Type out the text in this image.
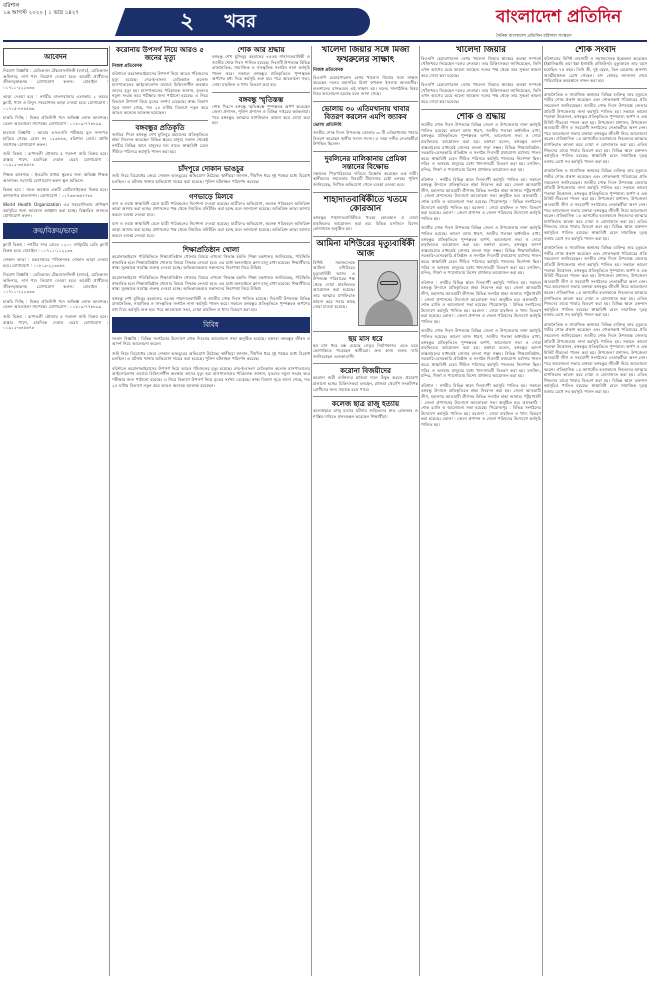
বরিশাল
১৬ আগস্ট ২০২০ | ১ ভাদ্র ১৪২৭	২ খবর	বাংলাদেশ প্রতিদিন
দৈনিক বাংলাদেশ প্রতিদিন বরিশাল সংস্করণ
আবেদন
নিয়োগ বিজ্ঞপ্তি : মেডিক্যাল টেকনোলজিস্ট (ল্যাব), মেডিক্যাল অফিসার, নার্স পদে নিয়োগ দেওয়া হবে। আগ্রহী প্রার্থীদের জীবনবৃত্তান্তসহ যোগাযোগ করুন। মোবাইল : ০১৭১১-২২২৩৩৩
ভাড়া দেওয়া হবে : নগরীর বাংলাবাজার এলাকায় ২ রুমের ফ্ল্যাট, গ্যাস ও বিদ্যুৎ সংযোগসহ ভাড়া দেওয়া হবে। যোগাযোগ : ০১৭১৫-৪৪৫৫৬৬
চাকরি দিচ্ছি : বিক্রয় প্রতিনিধি পদে অভিজ্ঞ লোক আবশ্যক। বেতন আলোচনা সাপেক্ষে। যোগাযোগ : ০১৮১৯-৭৭৮৮৯৯
হারানো বিজ্ঞপ্তি : আমার এসএসসি পরীক্ষার মূল সনদপত্র হারিয়ে গেছে। রোল নং ১২৩৪৫৬, বরিশাল বোর্ড। প্রাপ্তি সাপেক্ষে যোগাযোগ করুন।
জমি বিক্রয় : রূপাতলী মৌজায় ৫ শতাংশ জমি বিক্রয় হবে। রাস্তার পাশে, চারদিকে দেয়াল ঘেরা। যোগাযোগ : ০১৯১২-৩৪৫৬৭৮
শিক্ষক আবশ্যক : ইংরেজি মাধ্যম স্কুলের জন্য অভিজ্ঞ শিক্ষক আবশ্যক। সরাসরি যোগাযোগ করুন স্কুল অফিসে।
বিক্রয় হবে : সচল অবস্থায় একটি মোটরসাইকেল বিক্রয় হবে। কাগজপত্র হালনাগাদ। যোগাযোগ : ০১৭৩৩-৬৬৭৭৮৮
World Health Organization এর সহযোগিতায় প্রশিক্ষণ কর্মসূচির জন্য আবেদন আহ্বান করা হচ্ছে। বিস্তারিত জানতে যোগাযোগ করুন।
ক্রয়/বিক্রয়/ভাড়া
ফ্ল্যাট বিক্রয় : নগরীর সদর রোডে ১২০০ বর্গফুটের রেডি ফ্ল্যাট বিক্রয় হবে। মোবাইল : ০১৭১১-১১২২৩৩
দোকান ভাড়া : চকবাজারে পজিশনসহ দোকান ভাড়া দেওয়া হবে। যোগাযোগ : ০১৮১৯-২২৩৩৪৪
নিয়োগ বিজ্ঞপ্তি : মেডিক্যাল টেকনোলজিস্ট (ল্যাব), মেডিক্যাল অফিসার, নার্স পদে নিয়োগ দেওয়া হবে। আগ্রহী প্রার্থীদের জীবনবৃত্তান্তসহ যোগাযোগ করুন। মোবাইল : ০১৭১১-২২২৩৩৩
চাকরি দিচ্ছি : বিক্রয় প্রতিনিধি পদে অভিজ্ঞ লোক আবশ্যক। বেতন আলোচনা সাপেক্ষে। যোগাযোগ : ০১৮১৯-৭৭৮৮৯৯
জমি বিক্রয় : রূপাতলী মৌজায় ৫ শতাংশ জমি বিক্রয় হবে। রাস্তার পাশে, চারদিকে দেয়াল ঘেরা। যোগাযোগ : ০১৯১২-৩৪৫৬৭৮
করোনায় উপসর্গ নিয়ে আরও ৫ জনের মৃত্যু
নিজস্ব প্রতিবেদক
বরিশালে করোনাভাইরাসের উপসর্গ নিয়ে আরও পাঁচজনের মৃত্যু হয়েছে। শের-ই-বাংলা মেডিক্যাল কলেজ হাসপাতালের আইসোলেশন ওয়ার্ডে চিকিৎসাধীন অবস্থায় তাদের মৃত্যু হয়। হাসপাতালের পরিচালক জানান, মৃতদের নমুনা সংগ্রহ করে পরীক্ষার জন্য পাঠানো হয়েছে। এ নিয়ে বিভাগে উপসর্গ নিয়ে মৃতের সংখ্যা বেড়েছে। স্বাস্থ্য বিভাগ সূত্রে জানা গেছে, গত ২৪ ঘণ্টায় বিভাগে নতুন করে আরও অনেকে আক্রান্ত হয়েছেন।
বঙ্গবন্ধুর প্রতিকৃতি
জাতির পিতা বঙ্গবন্ধু শেখ মুজিবুর রহমানের প্রতিকৃতিতে শ্রদ্ধা নিবেদন করেছেন বিভিন্ন স্তরের মানুষ। সকাল থেকেই নগরীর বিভিন্ন স্থানে মানুষের ঢল নামে। স্বাস্থ্যবিধি মেনে সীমিত পরিসরে কর্মসূচি পালন করা হয়।
শোক আর শ্রদ্ধায়
বঙ্গবন্ধু শেখ মুজিবুর রহমানের ৪৫তম শাহাদাতবার্ষিকী ও জাতীয় শোক দিবস পালিত হয়েছে। দিবসটি উপলক্ষে বিভিন্ন রাজনৈতিক, সামাজিক ও সাংস্কৃতিক সংগঠন নানা কর্মসূচি পালন করে। সকালে বঙ্গবন্ধুর প্রতিকৃতিতে পুষ্পস্তবক অর্পণের মধ্য দিয়ে কর্মসূচি শুরু হয়। পরে আলোচনা সভা, দোয়া মাহফিল ও খাদ্য বিতরণ করা হয়।
বঙ্গবন্ধু স্মৃতিস্তম্ভ
শোক দিবসে বঙ্গবন্ধু স্মৃতিস্তম্ভে পুষ্পস্তবক অর্পণ করেছেন জেলা প্রশাসন, পুলিশ প্রশাসন ও বিভিন্ন দপ্তরের কর্মকর্তারা। পরে বঙ্গবন্ধুর আত্মার মাগফিরাত কামনা করে দোয়া করা হয়।
চাঁদপুরে দোকান ভাঙচুর
জমি নিয়ে বিরোধের জেরে দোকান ভাঙচুরের অভিযোগ উঠেছে। স্থানীয়রা জানান, দীর্ঘদিন ধরে দুই পক্ষের মধ্যে বিরোধ চলছিল। এ ঘটনায় থানায় অভিযোগ দায়ের করা হয়েছে। পুলিশ ঘটনাস্থল পরিদর্শন করেছে।
গণভাড়ে মিলবে
বাস ও লঞ্চে স্বাস্থ্যবিধি মেনে যাত্রী পরিবহনের নির্দেশনা দেওয়া হয়েছে। যাত্রীদের অভিযোগ, অনেক পরিবহনে অতিরিক্ত ভাড়া আদায় করা হচ্ছে। প্রশাসনের পক্ষ থেকে নিয়মিত মনিটরিং করা হচ্ছে বলে জানানো হয়েছে। অতিরিক্ত ভাড়া আদায় করলে ব্যবস্থা নেওয়া হবে।
বাস ও লঞ্চে স্বাস্থ্যবিধি মেনে যাত্রী পরিবহনের নির্দেশনা দেওয়া হয়েছে। যাত্রীদের অভিযোগ, অনেক পরিবহনে অতিরিক্ত ভাড়া আদায় করা হচ্ছে। প্রশাসনের পক্ষ থেকে নিয়মিত মনিটরিং করা হচ্ছে বলে জানানো হয়েছে। অতিরিক্ত ভাড়া আদায় করলে ব্যবস্থা নেওয়া হবে।
শিক্ষাপ্রতিষ্ঠান খোলা
করোনাভাইরাস পরিস্থিতিতে শিক্ষাপ্রতিষ্ঠান খোলার বিষয়ে এখনো সিদ্ধান্ত হয়নি। শিক্ষা মন্ত্রণালয় জানিয়েছে, পরিস্থিতি স্বাভাবিক হলে শিক্ষাপ্রতিষ্ঠান খোলার বিষয়ে সিদ্ধান্ত নেওয়া হবে। এর মধ্যে অনলাইনে ক্লাস চালু রাখা হয়েছে। শিক্ষার্থীদের স্বাস্থ্য সুরক্ষাকে সর্বোচ্চ গুরুত্ব দেওয়া হচ্ছে। অভিভাবকরাও সন্তানদের নিরাপত্তা নিয়ে উদ্বিগ্ন।
করোনাভাইরাস পরিস্থিতিতে শিক্ষাপ্রতিষ্ঠান খোলার বিষয়ে এখনো সিদ্ধান্ত হয়নি। শিক্ষা মন্ত্রণালয় জানিয়েছে, পরিস্থিতি স্বাভাবিক হলে শিক্ষাপ্রতিষ্ঠান খোলার বিষয়ে সিদ্ধান্ত নেওয়া হবে। এর মধ্যে অনলাইনে ক্লাস চালু রাখা হয়েছে। শিক্ষার্থীদের স্বাস্থ্য সুরক্ষাকে সর্বোচ্চ গুরুত্ব দেওয়া হচ্ছে। অভিভাবকরাও সন্তানদের নিরাপত্তা নিয়ে উদ্বিগ্ন।
বঙ্গবন্ধু শেখ মুজিবুর রহমানের ৪৫তম শাহাদাতবার্ষিকী ও জাতীয় শোক দিবস পালিত হয়েছে। দিবসটি উপলক্ষে বিভিন্ন রাজনৈতিক, সামাজিক ও সাংস্কৃতিক সংগঠন নানা কর্মসূচি পালন করে। সকালে বঙ্গবন্ধুর প্রতিকৃতিতে পুষ্পস্তবক অর্পণের মধ্য দিয়ে কর্মসূচি শুরু হয়। পরে আলোচনা সভা, দোয়া মাহফিল ও খাদ্য বিতরণ করা হয়।
বিবিধ
সংবাদ বিজ্ঞপ্তি : বিভিন্ন সংগঠনের উদ্যোগে শোক দিবসের আলোচনা সভা অনুষ্ঠিত হয়েছে। বক্তারা বঙ্গবন্ধুর জীবন ও আদর্শ নিয়ে আলোচনা করেন।
জমি নিয়ে বিরোধের জেরে দোকান ভাঙচুরের অভিযোগ উঠেছে। স্থানীয়রা জানান, দীর্ঘদিন ধরে দুই পক্ষের মধ্যে বিরোধ চলছিল। এ ঘটনায় থানায় অভিযোগ দায়ের করা হয়েছে। পুলিশ ঘটনাস্থল পরিদর্শন করেছে।
বরিশালে করোনাভাইরাসের উপসর্গ নিয়ে আরও পাঁচজনের মৃত্যু হয়েছে। শের-ই-বাংলা মেডিক্যাল কলেজ হাসপাতালের আইসোলেশন ওয়ার্ডে চিকিৎসাধীন অবস্থায় তাদের মৃত্যু হয়। হাসপাতালের পরিচালক জানান, মৃতদের নমুনা সংগ্রহ করে পরীক্ষার জন্য পাঠানো হয়েছে। এ নিয়ে বিভাগে উপসর্গ নিয়ে মৃতের সংখ্যা বেড়েছে। স্বাস্থ্য বিভাগ সূত্রে জানা গেছে, গত ২৪ ঘণ্টায় বিভাগে নতুন করে আরও অনেকে আক্রান্ত হয়েছেন।
খালেদা জিয়ার সঙ্গে মির্জা ফখরুলের সাক্ষাৎ
নিজস্ব প্রতিবেদক
বিএনপি চেয়ারপারসন বেগম খালেদা জিয়ার সঙ্গে সাক্ষাৎ করেছেন দলের মহাসচিব মির্জা ফখরুল ইসলাম আলমগীর। গুলশানের বাসভবনে এই সাক্ষাৎ হয়। দলের সাংগঠনিক বিষয় নিয়ে আলোচনা হয়েছে বলে জানা গেছে।
ভোলায় ৩০ এতিমখানায় খাবার বিতরণ করলেন এমপি জ্যাকব
ভোলা প্রতিনিধি
জাতীয় শোক দিবস উপলক্ষে ভোলার ৩০টি এতিমখানায় খাবার বিতরণ করেছেন স্থানীয় সংসদ সদস্য। এ সময় দলীয় নেতাকর্মীরা উপস্থিত ছিলেন।
দুবলিনের মালিকানায় প্রেমিকা সন্তানের বিক্ষোভ
সন্তানের পিতৃপরিচয়ের দাবিতে বিক্ষোভ করেছেন এক নারী। স্থানীয়দের সহায়তায় বিষয়টি মীমাংসার চেষ্টা চলছে। পুলিশ জানিয়েছে, লিখিত অভিযোগ পেলে ব্যবস্থা নেওয়া হবে।
শাহাদাতবার্ষিকীতে খতমে কোরআন
বঙ্গবন্ধুর শাহাদাতবার্ষিকীতে খতমে কোরআন ও দোয়া মাহফিলের আয়োজন করা হয়। বিভিন্ন মসজিদে বিশেষ মোনাজাত অনুষ্ঠিত হয়।
আমিনা মশিউরের মৃত্যুবার্ষিকী আজ
বিশিষ্ট সমাজসেবক আমিনা মশিউরের মৃত্যুবার্ষিকী আজ। এ উপলক্ষে পরিবারের পক্ষ থেকে দোয়া মাহফিলের আয়োজন করা হয়েছে। তার আত্মার মাগফিরাত কামনা করে সবার কাছে দোয়া চাওয়া হয়েছে।
ছয় মাস ধরে
ছয় মাস ধরে বন্ধ রয়েছে সেতুর নির্মাণকাজ। এতে চরম ভোগান্তিতে পড়েছেন স্থানীয়রা। দ্রুত কাজ শুরুর দাবি জানিয়েছেন এলাকাবাসী।
করোনা বিজয়ীদের
করোনা জয়ী ব্যক্তিদের প্লাজমা দানে উদ্বুদ্ধ করতে প্রচারণা চালানো হচ্ছে। চিকিৎসকরা বলছেন, প্লাজমা থেরাপি সংকটাপন্ন রোগীদের জন্য সহায়ক হতে পারে।
কলেজ ছাত্র রাজু হত্যায়
কলেজছাত্র রাজু হত্যার ঘটনায় জড়িতদের দ্রুত গ্রেফতার ও শাস্তির দাবিতে মানববন্ধন করেছেন শিক্ষার্থীরা।
খালেদা জিয়ার
বিএনপি চেয়ারপারসন বেগম খালেদা জিয়ার স্বাস্থ্যের অবস্থা সম্পর্কে খোঁজখবর নিয়েছেন দলের নেতারা। তার চিকিৎসকরা জানিয়েছেন, তিনি এখন আগের চেয়ে ভালো আছেন। দলের পক্ষ থেকে তার সুস্থতা কামনা করে দোয়া করা হয়েছে।
বিএনপি চেয়ারপারসন বেগম খালেদা জিয়ার স্বাস্থ্যের অবস্থা সম্পর্কে খোঁজখবর নিয়েছেন দলের নেতারা। তার চিকিৎসকরা জানিয়েছেন, তিনি এখন আগের চেয়ে ভালো আছেন। দলের পক্ষ থেকে তার সুস্থতা কামনা করে দোয়া করা হয়েছে।
শোক ও শ্রদ্ধায়
জাতীয় শোক দিবস উপলক্ষে বিভিন্ন জেলা ও উপজেলায় নানা কর্মসূচি পালিত হয়েছে। কালো ব্যাজ ধারণ, জাতীয় পতাকা অর্ধনমিত রাখা, বঙ্গবন্ধুর প্রতিকৃতিতে পুষ্পস্তবক অর্পণ, আলোচনা সভা ও দোয়া মাহফিলের আয়োজন করা হয়। বক্তারা বলেন, বঙ্গবন্ধুর আদর্শ বাস্তবায়নের মাধ্যমেই সোনার বাংলা গড়া সম্ভব। বিভিন্ন শিক্ষাপ্রতিষ্ঠান, সরকারি-বেসরকারি প্রতিষ্ঠান ও সংগঠন দিবসটি যথাযোগ্য মর্যাদায় পালন করে। স্বাস্থ্যবিধি মেনে সীমিত পরিসরে কর্মসূচি পালনের নির্দেশনা ছিল। গরিব ও অসহায় মানুষের মধ্যে খাদ্যসামগ্রী বিতরণ করা হয়। মসজিদ, মন্দির, গির্জা ও প্যাগোডায় বিশেষ প্রার্থনার আয়োজন করা হয়।
বরিশাল : নগরীর বিভিন্ন স্থানে দিনব্যাপী কর্মসূচি পালিত হয়। সকালে বঙ্গবন্ধু উদ্যানে প্রতিকৃতিতে শ্রদ্ধা নিবেদন করা হয়। জেলা আওয়ামী লীগ, মহানগর আওয়ামী লীগসহ বিভিন্ন সংগঠন শ্রদ্ধা জানায়। পটুয়াখালী : জেলা প্রশাসনের উদ্যোগে আলোচনা সভা অনুষ্ঠিত হয়। ঝালকাঠি : শোক র‌্যালি ও আলোচনা সভা হয়েছে। পিরোজপুর : বিভিন্ন সংগঠনের উদ্যোগে কর্মসূচি পালিত হয়। বরগুনা : দোয়া মাহফিল ও খাদ্য বিতরণ করা হয়েছে। ভোলা : জেলা প্রশাসন ও জেলা পরিষদের উদ্যোগে কর্মসূচি পালিত হয়।
জাতীয় শোক দিবস উপলক্ষে বিভিন্ন জেলা ও উপজেলায় নানা কর্মসূচি পালিত হয়েছে। কালো ব্যাজ ধারণ, জাতীয় পতাকা অর্ধনমিত রাখা, বঙ্গবন্ধুর প্রতিকৃতিতে পুষ্পস্তবক অর্পণ, আলোচনা সভা ও দোয়া মাহফিলের আয়োজন করা হয়। বক্তারা বলেন, বঙ্গবন্ধুর আদর্শ বাস্তবায়নের মাধ্যমেই সোনার বাংলা গড়া সম্ভব। বিভিন্ন শিক্ষাপ্রতিষ্ঠান, সরকারি-বেসরকারি প্রতিষ্ঠান ও সংগঠন দিবসটি যথাযোগ্য মর্যাদায় পালন করে। স্বাস্থ্যবিধি মেনে সীমিত পরিসরে কর্মসূচি পালনের নির্দেশনা ছিল। গরিব ও অসহায় মানুষের মধ্যে খাদ্যসামগ্রী বিতরণ করা হয়। মসজিদ, মন্দির, গির্জা ও প্যাগোডায় বিশেষ প্রার্থনার আয়োজন করা হয়।
বরিশাল : নগরীর বিভিন্ন স্থানে দিনব্যাপী কর্মসূচি পালিত হয়। সকালে বঙ্গবন্ধু উদ্যানে প্রতিকৃতিতে শ্রদ্ধা নিবেদন করা হয়। জেলা আওয়ামী লীগ, মহানগর আওয়ামী লীগসহ বিভিন্ন সংগঠন শ্রদ্ধা জানায়। পটুয়াখালী : জেলা প্রশাসনের উদ্যোগে আলোচনা সভা অনুষ্ঠিত হয়। ঝালকাঠি : শোক র‌্যালি ও আলোচনা সভা হয়েছে। পিরোজপুর : বিভিন্ন সংগঠনের উদ্যোগে কর্মসূচি পালিত হয়। বরগুনা : দোয়া মাহফিল ও খাদ্য বিতরণ করা হয়েছে। ভোলা : জেলা প্রশাসন ও জেলা পরিষদের উদ্যোগে কর্মসূচি পালিত হয়।
জাতীয় শোক দিবস উপলক্ষে বিভিন্ন জেলা ও উপজেলায় নানা কর্মসূচি পালিত হয়েছে। কালো ব্যাজ ধারণ, জাতীয় পতাকা অর্ধনমিত রাখা, বঙ্গবন্ধুর প্রতিকৃতিতে পুষ্পস্তবক অর্পণ, আলোচনা সভা ও দোয়া মাহফিলের আয়োজন করা হয়। বক্তারা বলেন, বঙ্গবন্ধুর আদর্শ বাস্তবায়নের মাধ্যমেই সোনার বাংলা গড়া সম্ভব। বিভিন্ন শিক্ষাপ্রতিষ্ঠান, সরকারি-বেসরকারি প্রতিষ্ঠান ও সংগঠন দিবসটি যথাযোগ্য মর্যাদায় পালন করে। স্বাস্থ্যবিধি মেনে সীমিত পরিসরে কর্মসূচি পালনের নির্দেশনা ছিল। গরিব ও অসহায় মানুষের মধ্যে খাদ্যসামগ্রী বিতরণ করা হয়। মসজিদ, মন্দির, গির্জা ও প্যাগোডায় বিশেষ প্রার্থনার আয়োজন করা হয়।
বরিশাল : নগরীর বিভিন্ন স্থানে দিনব্যাপী কর্মসূচি পালিত হয়। সকালে বঙ্গবন্ধু উদ্যানে প্রতিকৃতিতে শ্রদ্ধা নিবেদন করা হয়। জেলা আওয়ামী লীগ, মহানগর আওয়ামী লীগসহ বিভিন্ন সংগঠন শ্রদ্ধা জানায়। পটুয়াখালী : জেলা প্রশাসনের উদ্যোগে আলোচনা সভা অনুষ্ঠিত হয়। ঝালকাঠি : শোক র‌্যালি ও আলোচনা সভা হয়েছে। পিরোজপুর : বিভিন্ন সংগঠনের উদ্যোগে কর্মসূচি পালিত হয়। বরগুনা : দোয়া মাহফিল ও খাদ্য বিতরণ করা হয়েছে। ভোলা : জেলা প্রশাসন ও জেলা পরিষদের উদ্যোগে কর্মসূচি পালিত হয়।
শোক সংবাদ
বরিশালের বিশিষ্ট ব্যবসায়ী ও সমাজসেবক ইন্তেকাল করেছেন (ইন্নালিল্লাহি ওয়া ইন্না ইলাইহি রাজিউন)। মৃত্যুকালে তার বয়স হয়েছিল ৭৫ বছর। তিনি স্ত্রী, দুই ছেলে, তিন মেয়েসহ অসংখ্য আত্মীয়স্বজন রেখে গেছেন। বাদ জোহর জানাজা শেষে পারিবারিক কবরস্থানে দাফন করা হয়।
রাজনৈতিক ও সামাজিক অঙ্গনের বিভিন্ন ব্যক্তিত্ব তার মৃত্যুতে গভীর শোক প্রকাশ করেছেন এবং শোকসন্তপ্ত পরিবারের প্রতি সমবেদনা জানিয়েছেন। জাতীয় শোক দিবস উপলক্ষে জেলার প্রতিটি উপজেলায় নানা কর্মসূচি পালিত হয়। সকালে কালো পতাকা উত্তোলন, বঙ্গবন্ধুর প্রতিকৃতিতে পুষ্পমাল্য অর্পণ ও এক মিনিট নীরবতা পালন করা হয়। উপজেলা প্রশাসন, উপজেলা আওয়ামী লীগ ও সহযোগী সংগঠনের নেতাকর্মীরা অংশ নেন। পরে আলোচনা সভায় বক্তারা বঙ্গবন্ধুর জীবনী নিয়ে আলোচনা করেন। ঐতিহাসিক ১৫ আগস্টের হত্যাকাণ্ডে নিহতদের আত্মার মাগফিরাত কামনা করে দোয়া ও মোনাজাত করা হয়। এতিম শিশুদের মাঝে খাবার বিতরণ করা হয়। বিভিন্ন স্থানে রক্তদান কর্মসূচিও পালিত হয়েছে। স্বাস্থ্যবিধি মেনে সামাজিক দূরত্ব বজায় রেখে সব কর্মসূচি পালন করা হয়।
রাজনৈতিক ও সামাজিক অঙ্গনের বিভিন্ন ব্যক্তিত্ব তার মৃত্যুতে গভীর শোক প্রকাশ করেছেন এবং শোকসন্তপ্ত পরিবারের প্রতি সমবেদনা জানিয়েছেন। জাতীয় শোক দিবস উপলক্ষে জেলার প্রতিটি উপজেলায় নানা কর্মসূচি পালিত হয়। সকালে কালো পতাকা উত্তোলন, বঙ্গবন্ধুর প্রতিকৃতিতে পুষ্পমাল্য অর্পণ ও এক মিনিট নীরবতা পালন করা হয়। উপজেলা প্রশাসন, উপজেলা আওয়ামী লীগ ও সহযোগী সংগঠনের নেতাকর্মীরা অংশ নেন। পরে আলোচনা সভায় বক্তারা বঙ্গবন্ধুর জীবনী নিয়ে আলোচনা করেন। ঐতিহাসিক ১৫ আগস্টের হত্যাকাণ্ডে নিহতদের আত্মার মাগফিরাত কামনা করে দোয়া ও মোনাজাত করা হয়। এতিম শিশুদের মাঝে খাবার বিতরণ করা হয়। বিভিন্ন স্থানে রক্তদান কর্মসূচিও পালিত হয়েছে। স্বাস্থ্যবিধি মেনে সামাজিক দূরত্ব বজায় রেখে সব কর্মসূচি পালন করা হয়।
রাজনৈতিক ও সামাজিক অঙ্গনের বিভিন্ন ব্যক্তিত্ব তার মৃত্যুতে গভীর শোক প্রকাশ করেছেন এবং শোকসন্তপ্ত পরিবারের প্রতি সমবেদনা জানিয়েছেন। জাতীয় শোক দিবস উপলক্ষে জেলার প্রতিটি উপজেলায় নানা কর্মসূচি পালিত হয়। সকালে কালো পতাকা উত্তোলন, বঙ্গবন্ধুর প্রতিকৃতিতে পুষ্পমাল্য অর্পণ ও এক মিনিট নীরবতা পালন করা হয়। উপজেলা প্রশাসন, উপজেলা আওয়ামী লীগ ও সহযোগী সংগঠনের নেতাকর্মীরা অংশ নেন। পরে আলোচনা সভায় বক্তারা বঙ্গবন্ধুর জীবনী নিয়ে আলোচনা করেন। ঐতিহাসিক ১৫ আগস্টের হত্যাকাণ্ডে নিহতদের আত্মার মাগফিরাত কামনা করে দোয়া ও মোনাজাত করা হয়। এতিম শিশুদের মাঝে খাবার বিতরণ করা হয়। বিভিন্ন স্থানে রক্তদান কর্মসূচিও পালিত হয়েছে। স্বাস্থ্যবিধি মেনে সামাজিক দূরত্ব বজায় রেখে সব কর্মসূচি পালন করা হয়।
রাজনৈতিক ও সামাজিক অঙ্গনের বিভিন্ন ব্যক্তিত্ব তার মৃত্যুতে গভীর শোক প্রকাশ করেছেন এবং শোকসন্তপ্ত পরিবারের প্রতি সমবেদনা জানিয়েছেন। জাতীয় শোক দিবস উপলক্ষে জেলার প্রতিটি উপজেলায় নানা কর্মসূচি পালিত হয়। সকালে কালো পতাকা উত্তোলন, বঙ্গবন্ধুর প্রতিকৃতিতে পুষ্পমাল্য অর্পণ ও এক মিনিট নীরবতা পালন করা হয়। উপজেলা প্রশাসন, উপজেলা আওয়ামী লীগ ও সহযোগী সংগঠনের নেতাকর্মীরা অংশ নেন। পরে আলোচনা সভায় বক্তারা বঙ্গবন্ধুর জীবনী নিয়ে আলোচনা করেন। ঐতিহাসিক ১৫ আগস্টের হত্যাকাণ্ডে নিহতদের আত্মার মাগফিরাত কামনা করে দোয়া ও মোনাজাত করা হয়। এতিম শিশুদের মাঝে খাবার বিতরণ করা হয়। বিভিন্ন স্থানে রক্তদান কর্মসূচিও পালিত হয়েছে। স্বাস্থ্যবিধি মেনে সামাজিক দূরত্ব বজায় রেখে সব কর্মসূচি পালন করা হয়।
